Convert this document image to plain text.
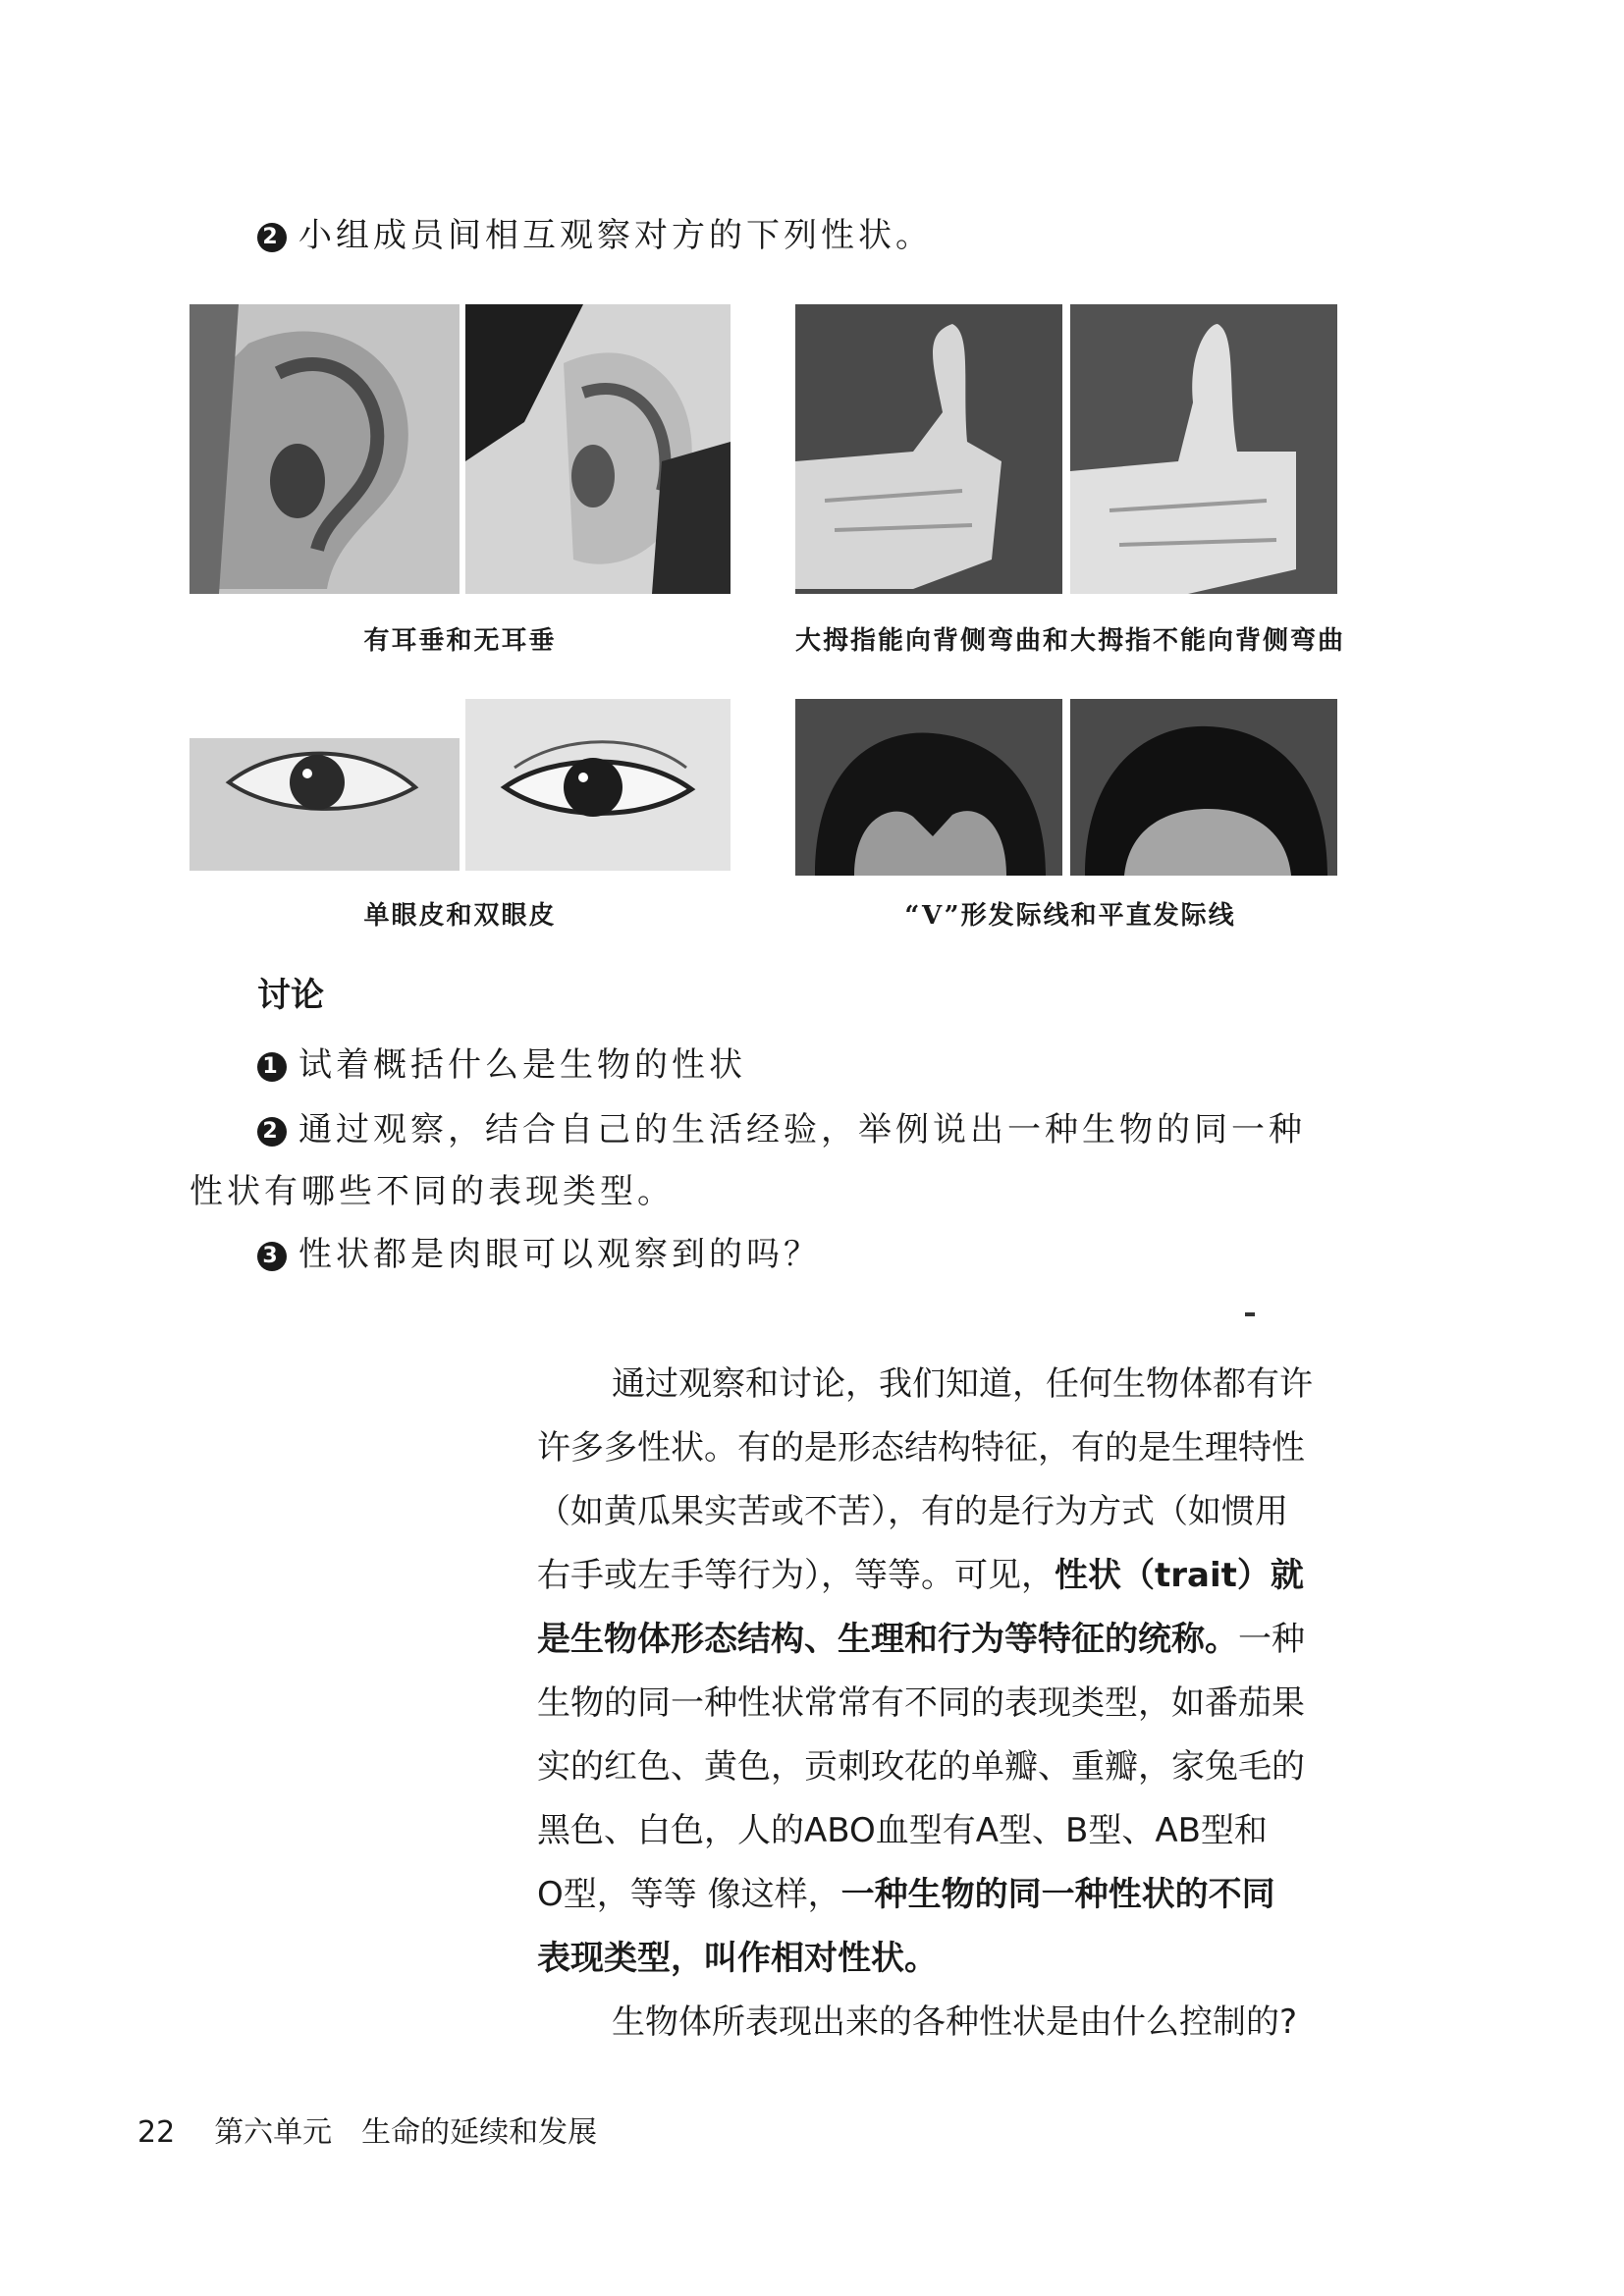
2 小组成员间相互观察对方的下列性状。
有耳垂和无耳垂	大拇指能向背侧弯曲和大拇指不能向背侧弯曲
单眼皮和双眼皮	“V”形发际线和平直发际线
讨论
1 试着概括什么是生物的性状
2 通过观察，结合自己的生活经验，举例说出一种生物的同一种
性状有哪些不同的表现类型。
3 性状都是肉眼可以观察到的吗？
通过观察和讨论，我们知道，任何生物体都有许
许多多性状。有的是形态结构特征，有的是生理特性
（如黄瓜果实苦或不苦），有的是行为方式（如惯用
右手或左手等行为），等等。可见，性状（trait）就
是生物体形态结构、生理和行为等特征的统称。一种
生物的同一种性状常常有不同的表现类型，如番茄果
实的红色、黄色，贡刺玫花的单瓣、重瓣，家兔毛的
黑色、白色，人的ABO血型有A型、B型、AB型和
O型，等等 像这样，一种生物的同一种性状的不同
表现类型，叫作相对性状。
生物体所表现出来的各种性状是由什么控制的?
22 第六单元　生命的延续和发展
